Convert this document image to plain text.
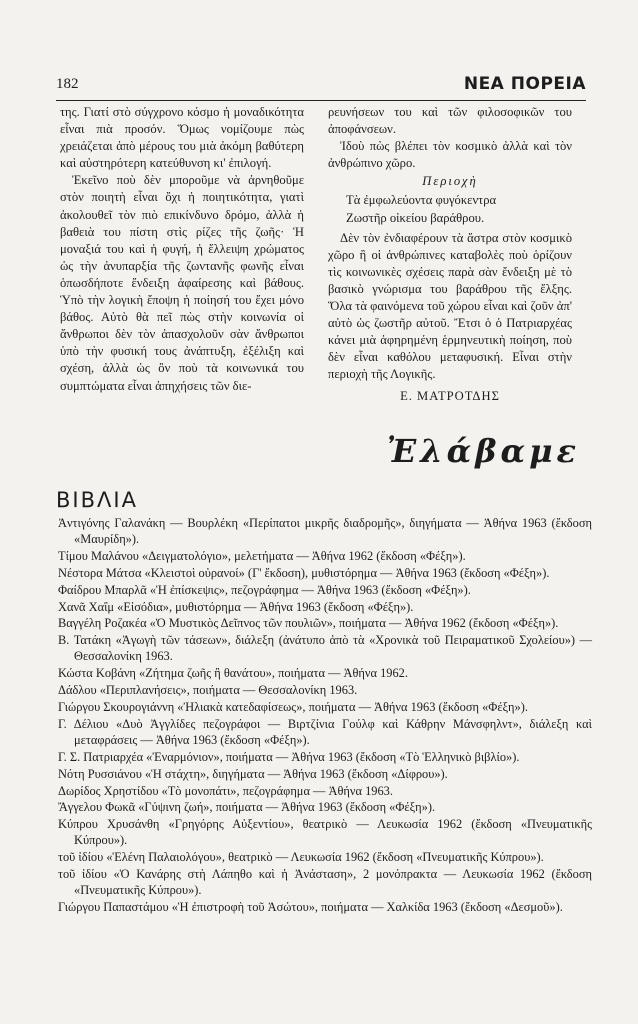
182	ΝΕΑ ΠΟΡΕΙΑ

της. Γιατί στὸ σύγχρονο κόσμο ἡ μοναδικότητα εἶναι πιὰ προσόν. Ὅμως νομίζουμε πὼς χρειάζεται ἀπὸ μέρους του μιὰ ἀκόμη βαθύτερη καὶ αὐστηρότερη κατεύθυνση κι' ἐπιλογή.

Ἐκεῖνο ποὺ δὲν μποροῦμε νὰ ἀρνηθοῦμε στὸν ποιητὴ εἶναι ὄχι ἡ ποιητικότητα, γιατὶ ἀκολουθεῖ τὸν πιὸ επικίνδυνο δρόμο, ἀλλὰ ἡ βαθειὰ του πίστη στὶς ρίζες τῆς ζωῆς· Ἡ μοναξιά του καὶ ἡ φυγή, ἡ ἔλλειψη χρώματος ὡς τὴν ἀνυπαρξία τῆς ζωντανῆς φωνῆς εἶναι ὁπωσδήποτε ἔνδειξη ἀφαίρεσης καὶ βάθους. Ὑπὸ τὴν λογικὴ ἔποψη ἡ ποίησή του ἔχει μόνο βάθος. Αὐτὸ θὰ πεῖ πὼς στὴν κοινωνία οἱ ἄνθρωποι δὲν τὸν ἀπασχολοῦν σὰν ἄνθρωποι ὑπὸ τὴν φυσική τους ἀνάπτυξη, ἐξέλιξη καὶ σχέση, ἀλλὰ ὡς ὂν ποὺ τὰ κοινωνικά του συμπτώματα εἶναι ἀπηχήσεις τῶν διε-

ρευνήσεων του καὶ τῶν φιλοσοφικῶν του ἀποφάνσεων.

Ἰδοὺ πὼς βλέπει τὸν κοσμικὸ ἀλλὰ καὶ τὸν ἀνθρώπινο χῶρο.

Περιοχὴ

Τὰ ἐμφωλεύοντα φυγόκεντρα

Ζωστῆρ οἰκείου βαράθρου.

Δὲν τὸν ἐνδιαφέρουν τὰ ἄστρα στὸν κοσμικὸ χῶρο ἢ οἱ ἀνθρώπινες καταβολὲς ποὺ ὁρίζουν τὶς κοινωνικὲς σχέσεις παρὰ σὰν ἔνδειξη μὲ τὸ βασικὸ γνώρισμα του βαράθρου τῆς ἔλξης. Ὅλα τὰ φαινόμενα τοῦ χώρου εἶναι καὶ ζοῦν ἀπ' αὐτὸ ὡς ζωστῆρ αὐτοῦ. Ἔτσι ὁ ὁ Πατριαρχέας κάνει μιὰ ἀφηρημένη ἑρμηνευτικὴ ποίηση, ποὺ δὲν εἶναι καθόλου μεταφυσική. Εἶναι στὴν περιοχὴ τῆς Λογικῆς.

Ε. ΜΑΤΡΟΤΔΗΣ
Ἐλάβαμε
ΒΙΒΛΙΑ

Ἀντιγόνης Γαλανάκη — Βουρλέκη «Περίπατοι μικρῆς διαδρομῆς», διηγήματα — Ἀθήνα 1963 (ἔκδοση «Μαυρίδη»).

Τίμου Μαλάνου «Δειγματολόγιο», μελετήματα — Ἀθήνα 1962 (ἔκδοση «Φέξη»).

Νέστορα Μάτσα «Κλειστοὶ οὐρανοί» (Γ' ἔκδοση), μυθιστόρημα — Ἀθήνα 1963 (ἔκδοση «Φέξη»).

Φαίδρου Μπαρλᾶ «Ἡ ἐπίσκεψις», πεζογράφημα — Ἀθήνα 1963 (ἔκδοση «Φέξη»).

Χανᾶ Χαΐμ «Εἰσόδια», μυθιστόρημα — Ἀθήνα 1963 (ἔκδοση «Φέξη»).

Βαγγέλη Ροζακέα «Ὁ Μυστικὸς Δεῖπνος τῶν πουλιῶν», ποιήματα — Ἀθήνα 1962 (ἔκδοση «Φέξη»).

Β. Τατάκη «Ἀγωγὴ τῶν τάσεων», διάλεξη (ἀνάτυπο ἀπὸ τὰ «Χρονικὰ τοῦ Πειραματικοῦ Σχολείου») — Θεσσαλονίκη 1963.

Κώστα Κοβάνη «Ζήτημα ζωῆς ἢ θανάτου», ποιήματα — Ἀθήνα 1962.

Δάδλου «Περιπλανήσεις», ποιήματα — Θεσσαλονίκη 1963.

Γιώργου Σκουρογιάννη «Ἠλιακὰ κατεδαφίσεως», ποιήματα — Ἀθήνα 1963 (ἔκδοση «Φέξη»).

Γ. Δέλιου «Δυὸ Ἀγγλίδες πεζογράφοι — Βιρτζίνια Γούλφ καὶ Κάθρην Μάνσφηλντ», διάλεξη καὶ μεταφράσεις — Ἀθήνα 1963 (ἔκδοση «Φέξη»).

Γ. Σ. Πατριαρχέα «Ἐναρμόνιον», ποιήματα — Ἀθήνα 1963 (ἔκδοση «Τὸ Ἑλληνικὸ βιβλίο»).

Νότη Ρυσσιάνου «Ἡ στάχτη», διηγήματα — Ἀθήνα 1963 (ἔκδοση «Δίφρου»).

Δωρίδος Χρηστίδου «Τὸ μονοπάτι», πεζογράφημα — Ἀθήνα 1963.

Ἄγγελου Φωκᾶ «Γύψινη ζωή», ποιήματα — Ἀθήνα 1963 (ἔκδοση «Φέξη»).

Κύπρου Χρυσάνθη «Γρηγόρης Αὐξεντίου», θεατρικὸ — Λευκωσία 1962 (ἔκδοση «Πνευματικῆς Κύπρου»).

τοῦ ἰδίου «Ἑλένη Παλαιολόγου», θεατρικὸ — Λευκωσία 1962 (ἔκδοση «Πνευματικῆς Κύπρου»).

τοῦ ἰδίου «Ὁ Κανάρης στὴ Λάπηθο καὶ ἡ Ἀνάσταση», 2 μονόπρακτα — Λευκωσία 1962 (ἔκδοση «Πνευματικῆς Κύπρου»).

Γιώργου Παπαστάμου «Ἡ ἐπιστροφὴ τοῦ Ἀσώτου», ποιήματα — Χαλκίδα 1963 (ἔκδοση «Δεσμοῦ»).
